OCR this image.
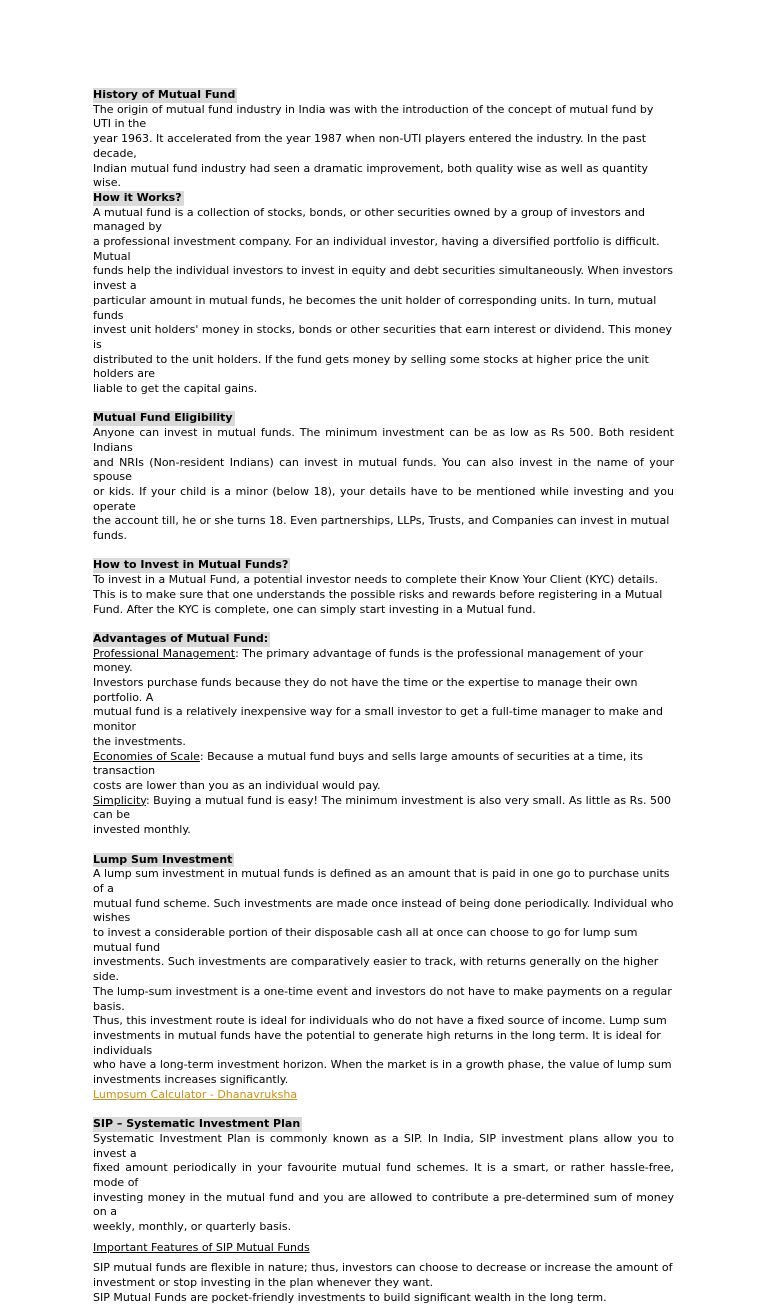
History of Mutual Fund

The origin of mutual fund industry in India was with the introduction of the concept of mutual fund by UTI in the

year 1963. It accelerated from the year 1987 when non-UTI players entered the industry. In the past decade,

Indian mutual fund industry had seen a dramatic improvement, both quality wise as well as quantity wise.

How it Works?

A mutual fund is a collection of stocks, bonds, or other securities owned by a group of investors and managed by

a professional investment company. For an individual investor, having a diversified portfolio is difficult. Mutual

funds help the individual investors to invest in equity and debt securities simultaneously. When investors invest a

particular amount in mutual funds, he becomes the unit holder of corresponding units. In turn, mutual funds

invest unit holders' money in stocks, bonds or other securities that earn interest or dividend. This money is

distributed to the unit holders. If the fund gets money by selling some stocks at higher price the unit holders are

liable to get the capital gains.

Mutual Fund Eligibility

Anyone can invest in mutual funds. The minimum investment can be as low as Rs 500. Both resident Indians

and NRIs (Non-resident Indians) can invest in mutual funds. You can also invest in the name of your spouse

or kids. If your child is a minor (below 18), your details have to be mentioned while investing and you operate

the account till, he or she turns 18. Even partnerships, LLPs, Trusts, and Companies can invest in mutual

funds.

How to Invest in Mutual Funds?

To invest in a Mutual Fund, a potential investor needs to complete their Know Your Client (KYC) details.

This is to make sure that one understands the possible risks and rewards before registering in a Mutual

Fund. After the KYC is complete, one can simply start investing in a Mutual fund.

Advantages of Mutual Fund:

Professional Management: The primary advantage of funds is the professional management of your money.

Investors purchase funds because they do not have the time or the expertise to manage their own portfolio. A

mutual fund is a relatively inexpensive way for a small investor to get a full-time manager to make and monitor

the investments.

Economies of Scale: Because a mutual fund buys and sells large amounts of securities at a time, its transaction

costs are lower than you as an individual would pay.

Simplicity: Buying a mutual fund is easy! The minimum investment is also very small. As little as Rs. 500 can be

invested monthly.

Lump Sum Investment

A lump sum investment in mutual funds is defined as an amount that is paid in one go to purchase units of a

mutual fund scheme. Such investments are made once instead of being done periodically. Individual who wishes

to invest a considerable portion of their disposable cash all at once can choose to go for lump sum mutual fund

investments. Such investments are comparatively easier to track, with returns generally on the higher side.

The lump-sum investment is a one-time event and investors do not have to make payments on a regular basis.

Thus, this investment route is ideal for individuals who do not have a fixed source of income. Lump sum

investments in mutual funds have the potential to generate high returns in the long term. It is ideal for individuals

who have a long-term investment horizon. When the market is in a growth phase, the value of lump sum

investments increases significantly.

Lumpsum Calculator - Dhanavruksha

SIP – Systematic Investment Plan

Systematic Investment Plan is commonly known as a SIP. In India, SIP investment plans allow you to invest a

fixed amount periodically in your favourite mutual fund schemes. It is a smart, or rather hassle-free, mode of

investing money in the mutual fund and you are allowed to contribute a pre-determined sum of money on a

weekly, monthly, or quarterly basis.

Important Features of SIP Mutual Funds

SIP mutual funds are flexible in nature; thus, investors can choose to decrease or increase the amount of

investment or stop investing in the plan whenever they want.

SIP Mutual Funds are pocket-friendly investments to build significant wealth in the long term.
